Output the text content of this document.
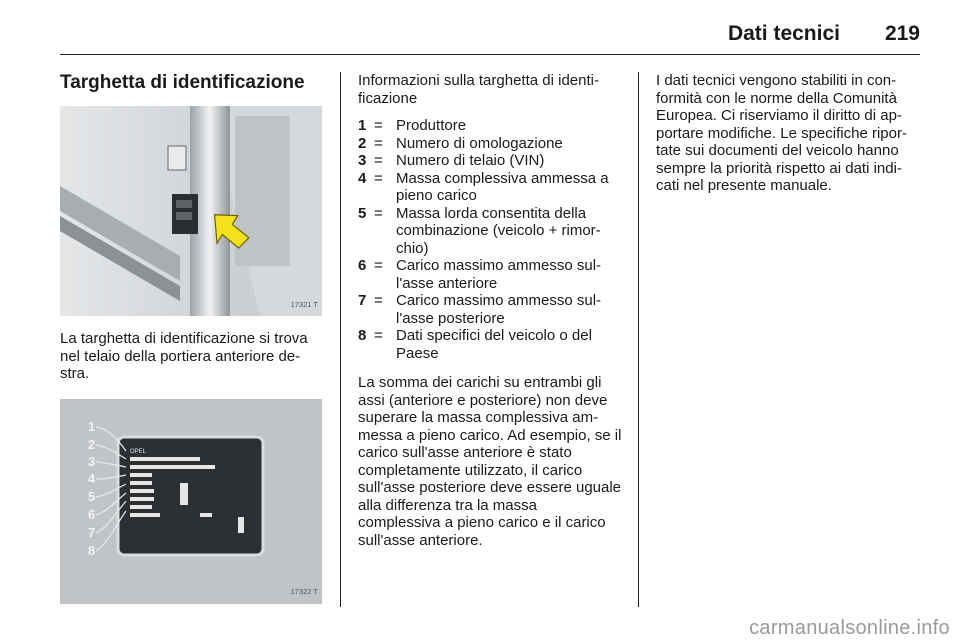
Dati tecnici 219
Targhetta di identificazione
17321 T

La targhetta di identificazione si trova nel telaio della portiera anteriore de- stra.

OPEL
1
2
3
4
5
6
7
8
17322 T

Informazioni sulla targhetta di identi- ficazione

1 = Produttore
2 = Numero di omologazione
3 = Numero di telaio (VIN)
4 = Massa complessiva ammessa a pieno carico
5 = Massa lorda consentita della combinazione (veicolo + rimor- chio)
6 = Carico massimo ammesso sul- l'asse anteriore
7 = Carico massimo ammesso sul- l'asse posteriore
8 = Dati specifici del veicolo o del Paese

La somma dei carichi su entrambi gli assi (anteriore e posteriore) non deve superare la massa complessiva am- messa a pieno carico. Ad esempio, se il carico sull'asse anteriore è stato completamente utilizzato, il carico sull'asse posteriore deve essere uguale alla differenza tra la massa complessiva a pieno carico e il carico sull'asse anteriore.

I dati tecnici vengono stabiliti in con- formità con le norme della Comunità Europea. Ci riserviamo il diritto di ap- portare modifiche. Le specifiche ripor- tate sui documenti del veicolo hanno sempre la priorità rispetto ai dati indi- cati nel presente manuale.

carmanualsonline.info
